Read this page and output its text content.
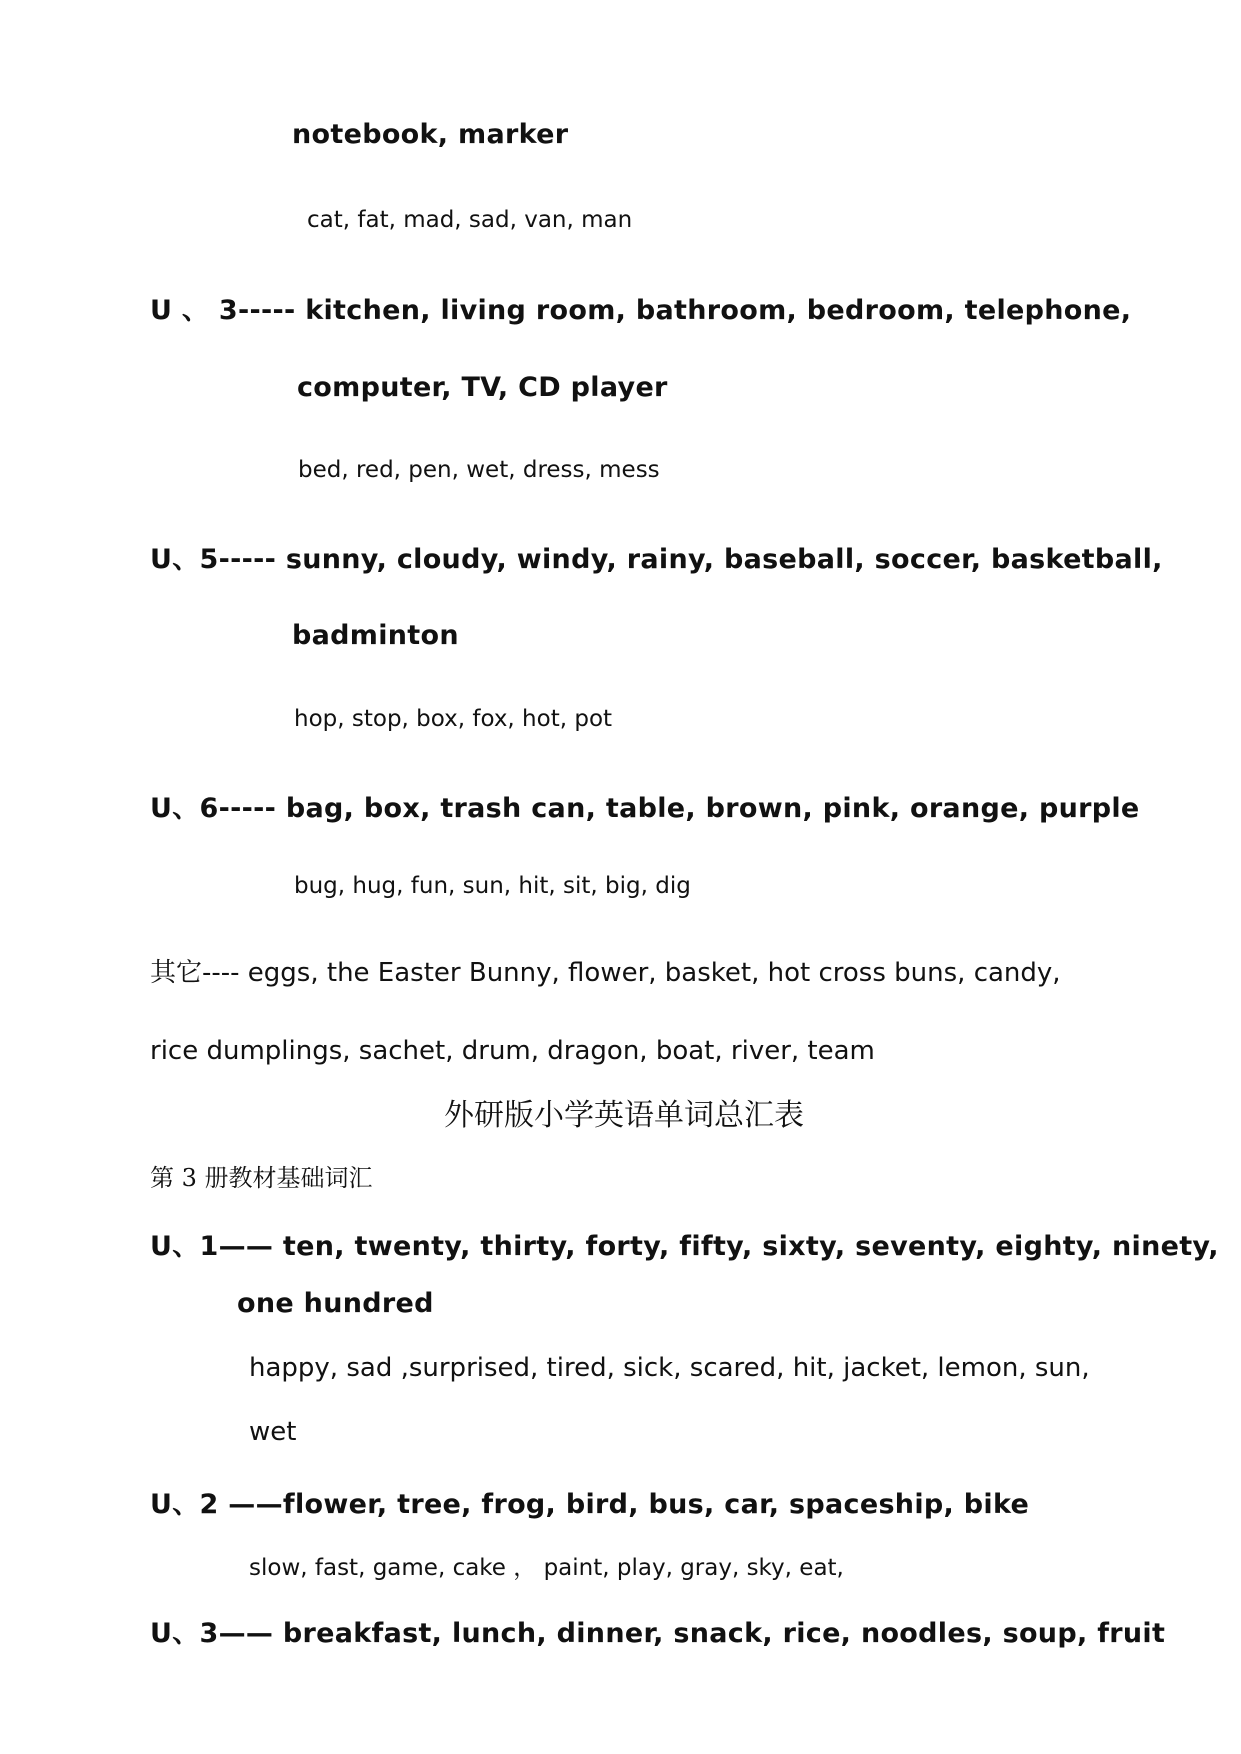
notebook, marker
cat, fat, mad, sad, van, man
U 、 3----- kitchen, living room, bathroom, bedroom, telephone,
computer, TV, CD player
bed, red, pen, wet, dress, mess
U、5----- sunny, cloudy, windy, rainy, baseball, soccer, basketball,
badminton
hop, stop, box, fox, hot, pot
U、6----- bag, box, trash can, table, brown, pink, orange, purple
bug, hug, fun, sun, hit, sit, big, dig
其它---- eggs, the Easter Bunny, flower, basket, hot cross buns, candy,
rice dumplings, sachet, drum, dragon, boat, river, team
外研版小学英语单词总汇表
第 3 册教材基础词汇
U、1—— ten, twenty, thirty, forty, fifty, sixty, seventy, eighty, ninety,
one hundred
happy, sad ,surprised, tired, sick, scared, hit, jacket, lemon, sun,
wet
U、2 ——flower, tree, frog, bird, bus, car, spaceship, bike
slow, fast, game, cake ， paint, play, gray, sky, eat,
U、3—— breakfast, lunch, dinner, snack, rice, noodles, soup, fruit
